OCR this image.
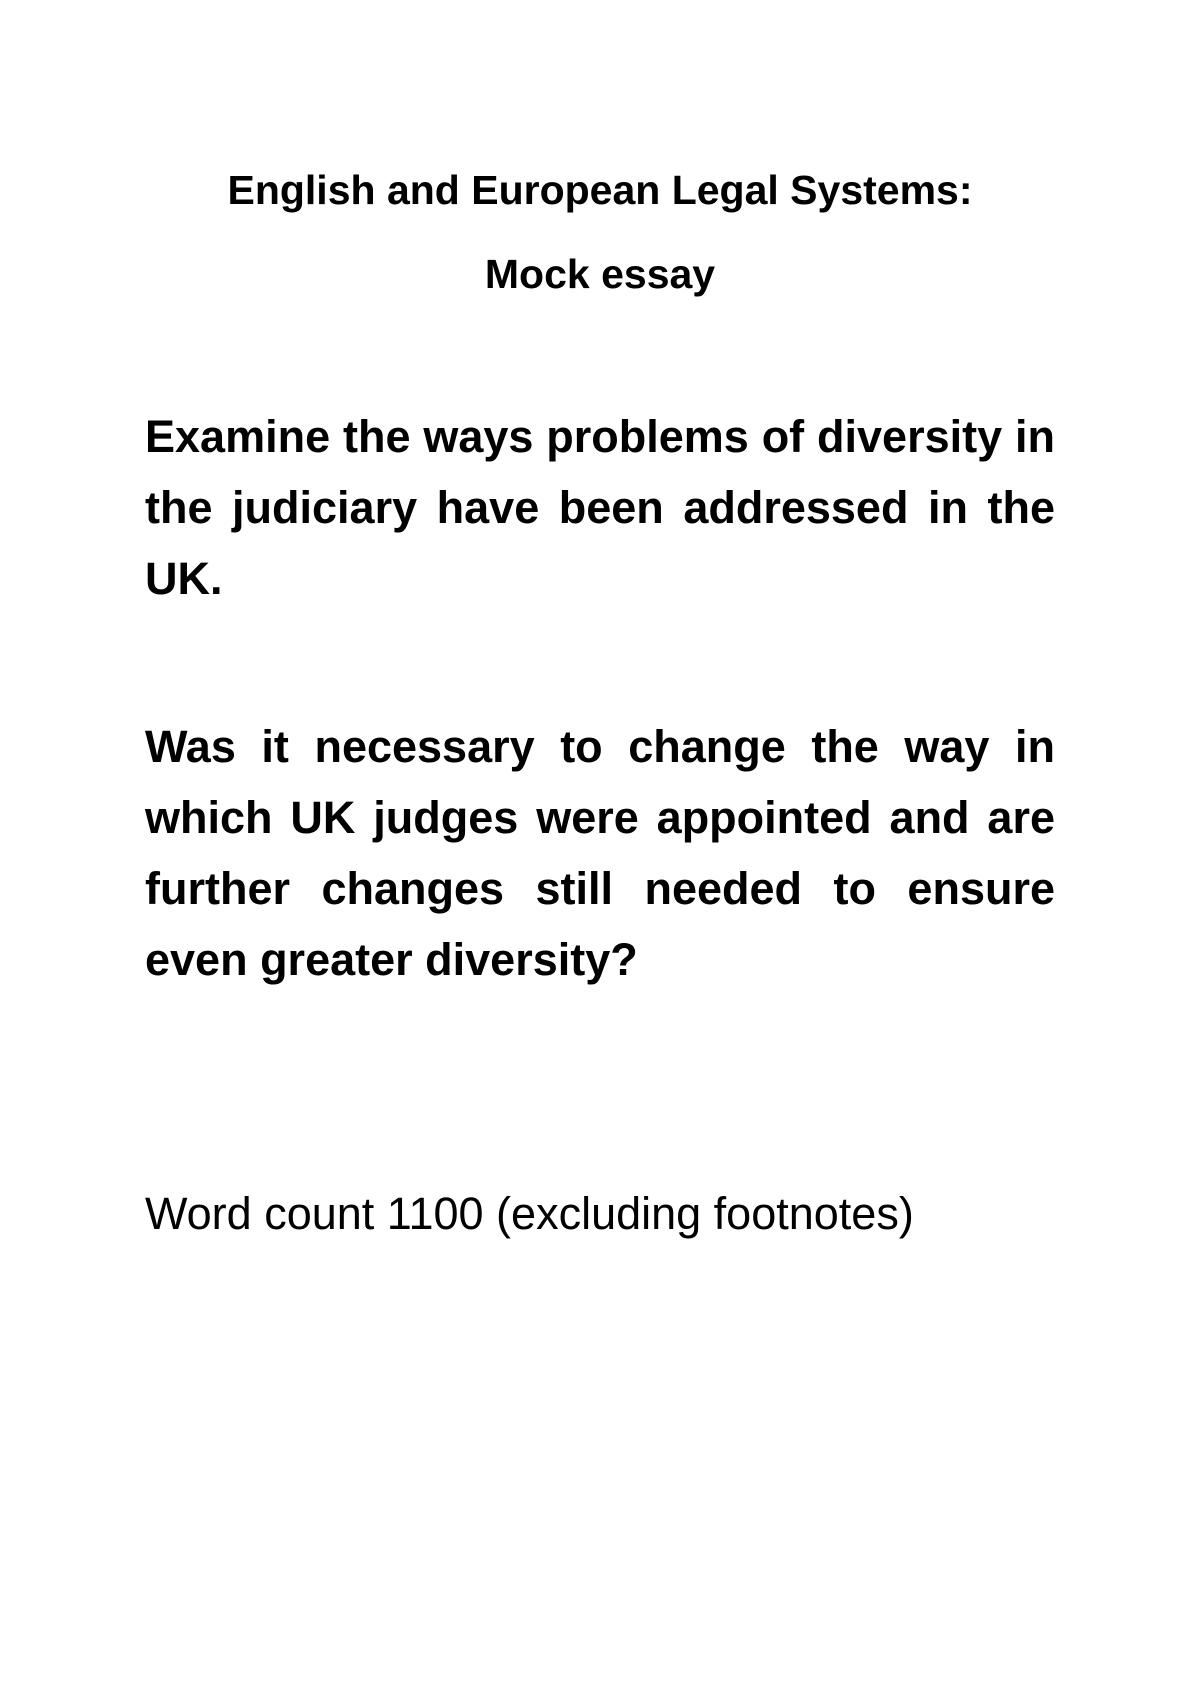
English and European Legal Systems:

Mock essay

Examine the ways problems of diversity in the judiciary have been addressed in the UK.

Was it necessary to change the way in which UK judges were appointed and are further changes still needed to ensure even greater diversity?

Word count 1100 (excluding footnotes)
